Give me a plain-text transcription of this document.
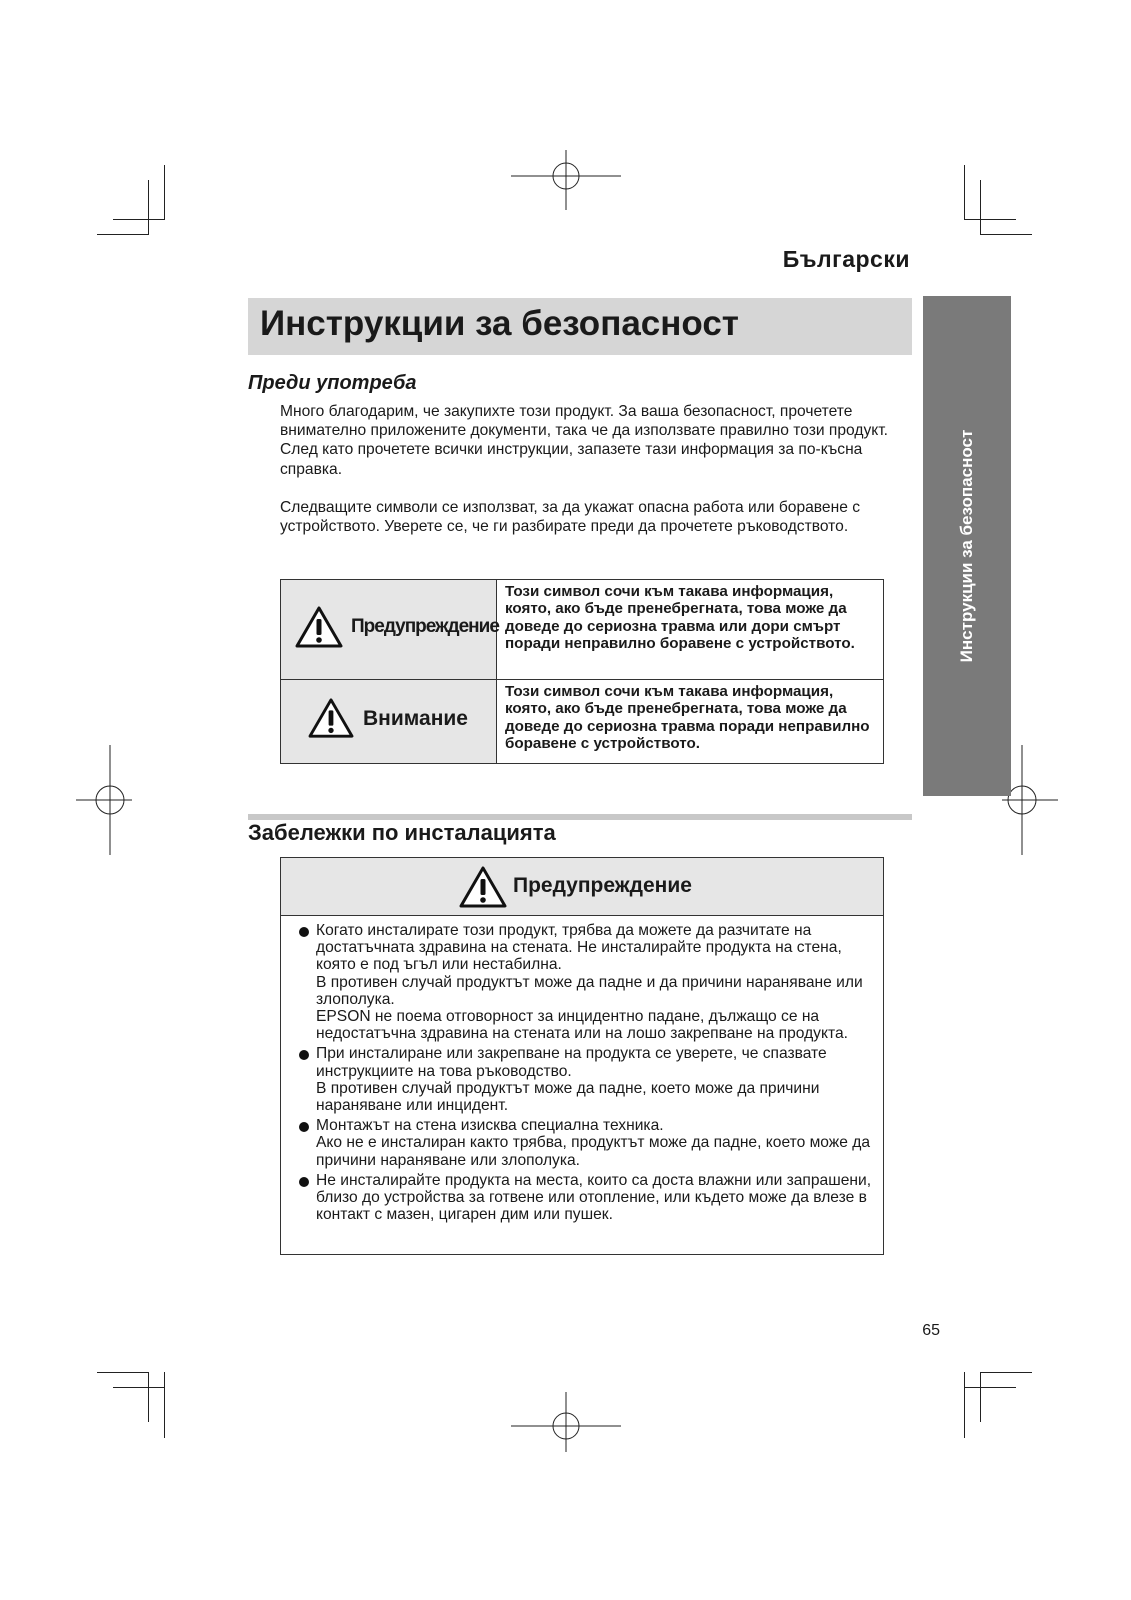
Български
Инструкции за безопасност
Инструкции за безопасност
Преди употреба

Много благодарим, че закупихте този продукт. За ваша безопасност, прочетете внимателно приложените документи, така че да използвате правилно този продукт.

След като прочетете всички инструкции, запазете тази информация за по-късна справка.

Следващите символи се използват, за да укажат опасна работа или боравене с устройството. Уверете се, че ги разбирате преди да прочетете ръководството.

Предупреждение
Този символ сочи към такава информация, която, ако бъде пренебрегната, това може да доведе до сериозна травма или дори смърт поради неправилно боравене с устройството.
Внимание
Този символ сочи към такава информация, която, ако бъде пренебрегната, това може да доведе до сериозна травма поради неправилно боравене с устройството.
Забележки по инсталацията
Предупреждение

Когато инсталирате този продукт, трябва да можете да разчитате на достатъчната здравина на стената. Не инсталирайте продукта на стена, която е под ъгъл или нестабилна.

В противен случай продуктът може да падне и да причини нараняване или злополука.

EPSON не поема отговорност за инцидентно падане, дължащо се на недостатъчна здравина на стената или на лошо закрепване на продукта.

При инсталиране или закрепване на продукта се уверете, че спазвате инструкциите на това ръководство.

В противен случай продуктът може да падне, което може да причини нараняване или инцидент.

Монтажът на стена изисква специална техника.

Ако не е инсталиран както трябва, продуктът може да падне, което може да причини нараняване или злополука.

Не инсталирайте продукта на места, които са доста влажни или запрашени, близо до устройства за готвене или отопление, или където може да влезе в контакт с мазен, цигарен дим или пушек.

65
